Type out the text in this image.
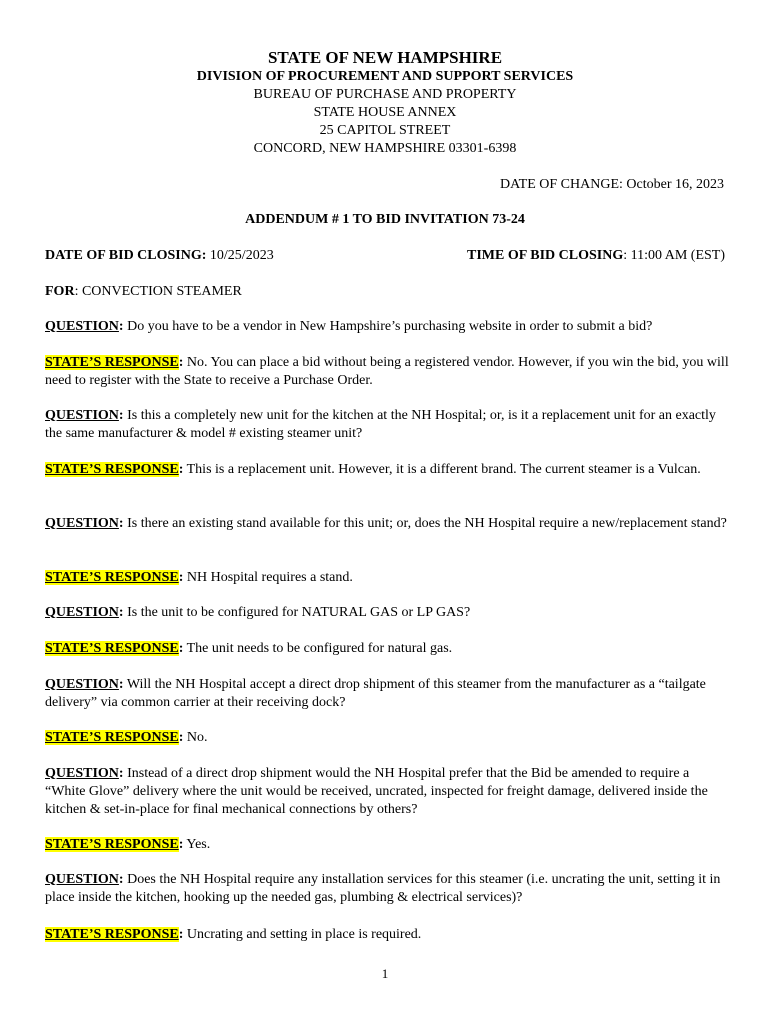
STATE OF NEW HAMPSHIRE
DIVISION OF PROCUREMENT AND SUPPORT SERVICES
BUREAU OF PURCHASE AND PROPERTY
STATE HOUSE ANNEX
25 CAPITOL STREET
CONCORD, NEW HAMPSHIRE 03301-6398
DATE OF CHANGE: October 16, 2023
ADDENDUM # 1 TO BID INVITATION 73-24
DATE OF BID CLOSING: 10/25/2023	TIME OF BID CLOSING: 11:00 AM (EST)
FOR: CONVECTION STEAMER
QUESTION: Do you have to be a vendor in New Hampshire’s purchasing website in order to submit a bid?
STATE’S RESPONSE: No. You can place a bid without being a registered vendor. However, if you win the bid, you will need to register with the State to receive a Purchase Order.
QUESTION: Is this a completely new unit for the kitchen at the NH Hospital; or, is it a replacement unit for an exactly the same manufacturer & model # existing steamer unit?
STATE’S RESPONSE: This is a replacement unit. However, it is a different brand. The current steamer is a Vulcan.
QUESTION: Is there an existing stand available for this unit; or, does the NH Hospital require a new/replacement stand?
STATE’S RESPONSE: NH Hospital requires a stand.
QUESTION: Is the unit to be configured for NATURAL GAS or LP GAS?
STATE’S RESPONSE: The unit needs to be configured for natural gas.
QUESTION: Will the NH Hospital accept a direct drop shipment of this steamer from the manufacturer as a “tailgate delivery” via common carrier at their receiving dock?
STATE’S RESPONSE: No.
QUESTION: Instead of a direct drop shipment would the NH Hospital prefer that the Bid be amended to require a “White Glove” delivery where the unit would be received, uncrated, inspected for freight damage, delivered inside the kitchen & set-in-place for final mechanical connections by others?
STATE’S RESPONSE: Yes.
QUESTION: Does the NH Hospital require any installation services for this steamer (i.e. uncrating the unit, setting it in place inside the kitchen, hooking up the needed gas, plumbing & electrical services)?
STATE’S RESPONSE: Uncrating and setting in place is required.
1
